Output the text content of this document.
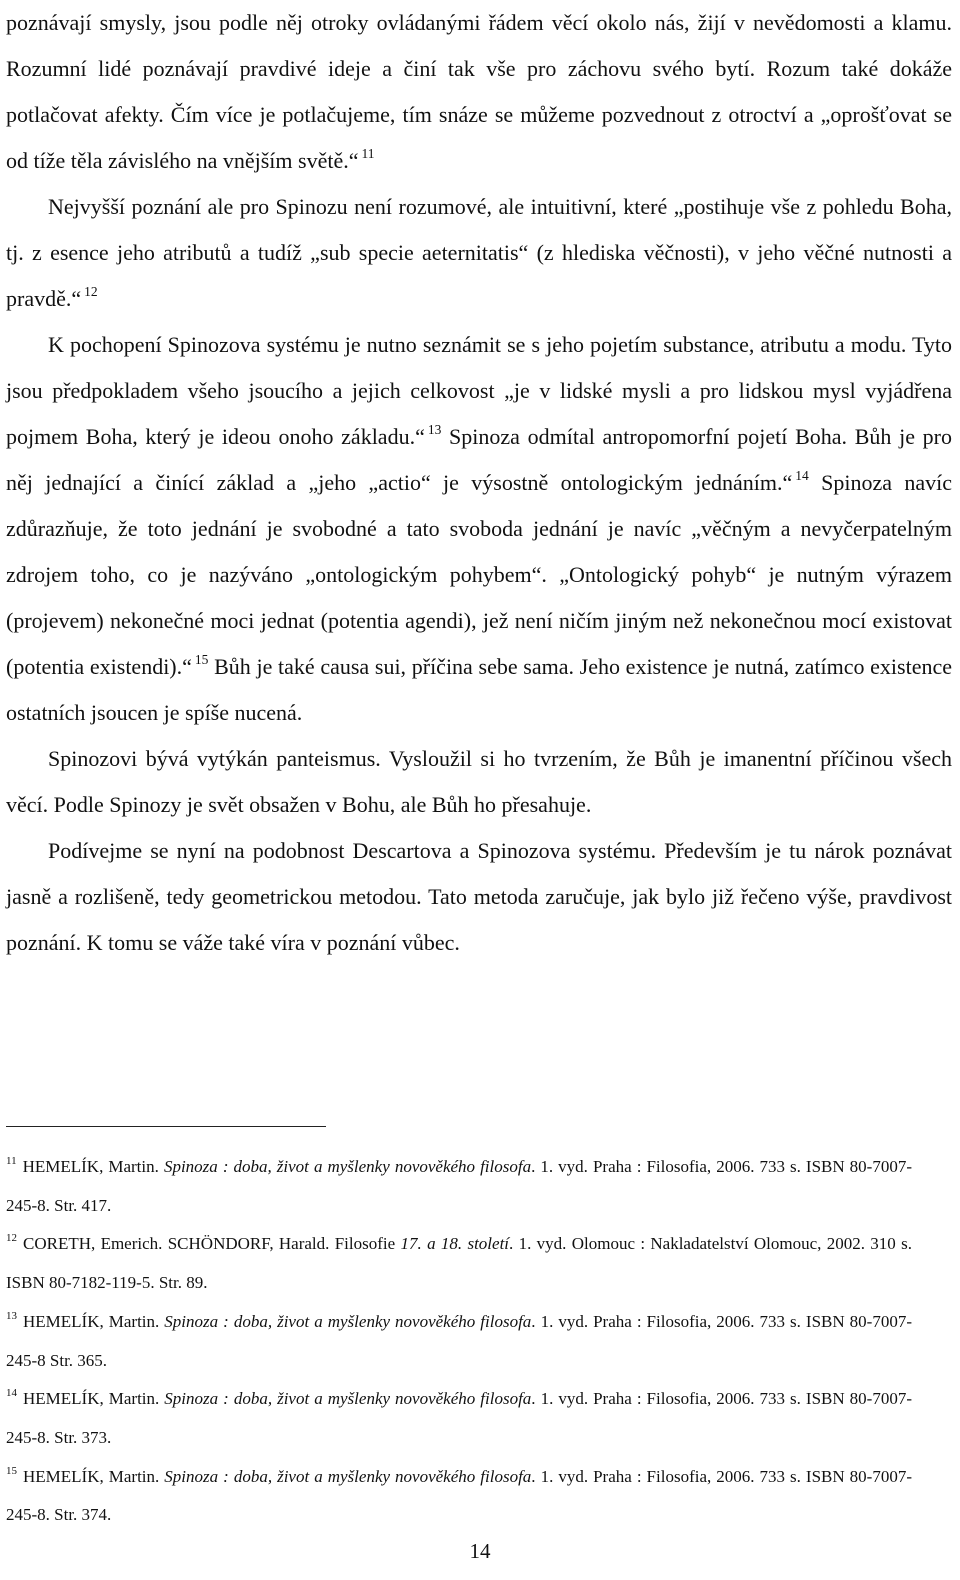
poznávají smysly, jsou podle něj otroky ovládanými řádem věcí okolo nás, žijí v nevědomosti a klamu. Rozumní lidé poznávají pravdivé ideje a činí tak vše pro záchovu svého bytí. Rozum také dokáže potlačovat afekty. Čím více je potlačujeme, tím snáze se můžeme pozvednout z otroctví a „oprošťovat se od tíže těla závislého na vnějším světě.“ $^{11}$

Nejvyšší poznání ale pro Spinozu není rozumové, ale intuitivní, které „postihuje vše z pohledu Boha, tj. z esence jeho atributů a tudíž „sub specie aeternitatis“ (z hlediska věčnosti), v jeho věčné nutnosti a pravdě.“ $^{12}$

K pochopení Spinozova systému je nutno seznámit se s jeho pojetím substance, atributu a modu. Tyto jsou předpokladem všeho jsoucího a jejich celkovost „je v lidské mysli a pro lidskou mysl vyjádřena pojmem Boha, který je ideou onoho základu.“ $^{13}$ Spinoza odmítal antropomorfní pojetí Boha. Bůh je pro něj jednající a činící základ a „jeho „actio“ je výsostně ontologickým jednáním.“ $^{14}$ Spinoza navíc zdůrazňuje, že toto jednání je svobodné a tato svoboda jednání je navíc „věčným a nevyčerpatelným zdrojem toho, co je nazýváno „ontologickým pohybem“. „Ontologický pohyb“ je nutným výrazem (projevem) nekonečné moci jednat (potentia agendi), jež není ničím jiným než nekonečnou mocí existovat (potentia existendi).“ $^{15}$ Bůh je také causa sui, příčina sebe sama. Jeho existence je nutná, zatímco existence ostatních jsoucen je spíše nucená.

Spinozovi bývá vytýkán panteismus. Vysloužil si ho tvrzením, že Bůh je imanentní příčinou všech věcí. Podle Spinozy je svět obsažen v Bohu, ale Bůh ho přesahuje.

Podívejme se nyní na podobnost Descartova a Spinozova systému. Především je tu nárok poznávat jasně a rozlišeně, tedy geometrickou metodou. Tato metoda zaručuje, jak bylo již řečeno výše, pravdivost poznání. K tomu se váže také víra v poznání vůbec.

$^{11}$ HEMELÍK, Martin. Spinoza : doba, život a myšlenky novověkého filosofa. 1. vyd. Praha : Filosofia, 2006. 733 s. ISBN 80-7007-245-8. Str. 417.

$^{12}$ CORETH, Emerich. SCHÖNDORF, Harald. Filosofie 17. a 18. století. 1. vyd. Olomouc : Nakladatelství Olomouc, 2002. 310 s. ISBN 80-7182-119-5. Str. 89.

$^{13}$ HEMELÍK, Martin. Spinoza : doba, život a myšlenky novověkého filosofa. 1. vyd. Praha : Filosofia, 2006. 733 s. ISBN 80-7007-245-8 Str. 365.

$^{14}$ HEMELÍK, Martin. Spinoza : doba, život a myšlenky novověkého filosofa. 1. vyd. Praha : Filosofia, 2006. 733 s. ISBN 80-7007-245-8. Str. 373.

$^{15}$ HEMELÍK, Martin. Spinoza : doba, život a myšlenky novověkého filosofa. 1. vyd. Praha : Filosofia, 2006. 733 s. ISBN 80-7007-245-8. Str. 374.

14
